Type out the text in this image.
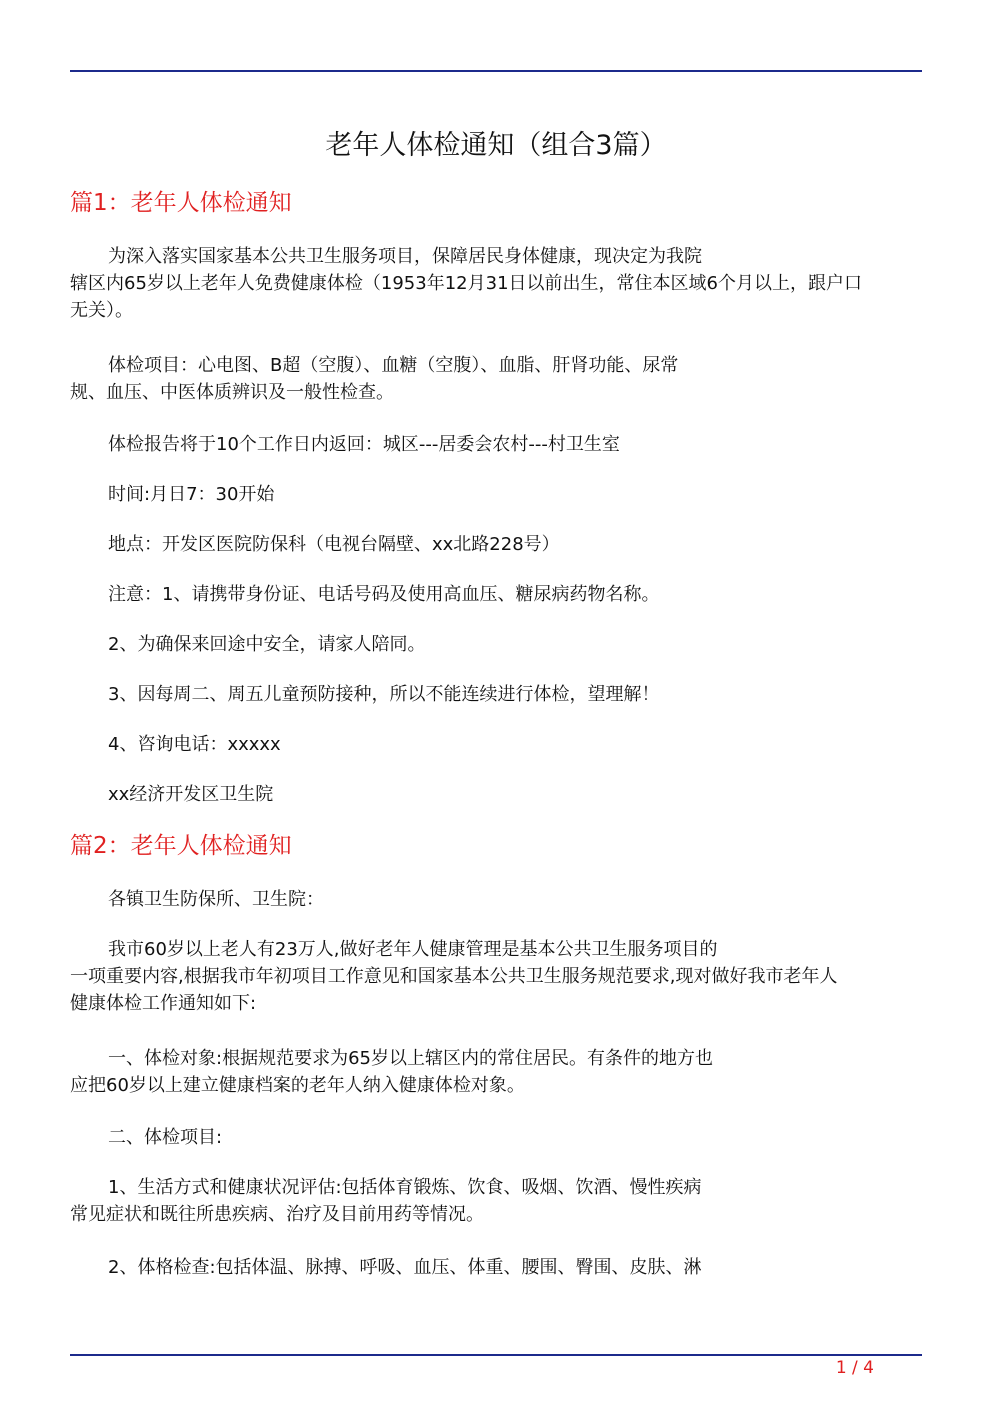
老年人体检通知（组合3篇）
篇1：老年人体检通知
为深入落实国家基本公共卫生服务项目，保障居民身体健康，现决定为我院
辖区内65岁以上老年人免费健康体检（1953年12月31日以前出生，常住本区域6个月以上，跟户口
无关）。
体检项目：心电图、B超（空腹）、血糖（空腹）、血脂、肝肾功能、尿常
规、血压、中医体质辨识及一般性检查。
体检报告将于10个工作日内返回：城区---居委会农村---村卫生室
时间:月日7：30开始
地点：开发区医院防保科（电视台隔壁、xx北路228号）
注意：1、请携带身份证、电话号码及使用高血压、糖尿病药物名称。
2、为确保来回途中安全，请家人陪同。
3、因每周二、周五儿童预防接种，所以不能连续进行体检，望理解！
4、咨询电话：xxxxx
xx经济开发区卫生院
篇2：老年人体检通知
各镇卫生防保所、卫生院：
我市60岁以上老人有23万人,做好老年人健康管理是基本公共卫生服务项目的
一项重要内容,根据我市年初项目工作意见和国家基本公共卫生服务规范要求,现对做好我市老年人
健康体检工作通知如下:
一、体检对象:根据规范要求为65岁以上辖区内的常住居民。有条件的地方也
应把60岁以上建立健康档案的老年人纳入健康体检对象。
二、体检项目:
1、生活方式和健康状况评估:包括体育锻炼、饮食、吸烟、饮酒、慢性疾病
常见症状和既往所患疾病、治疗及目前用药等情况。
2、体格检查:包括体温、脉搏、呼吸、血压、体重、腰围、臀围、皮肤、淋
1 / 4
